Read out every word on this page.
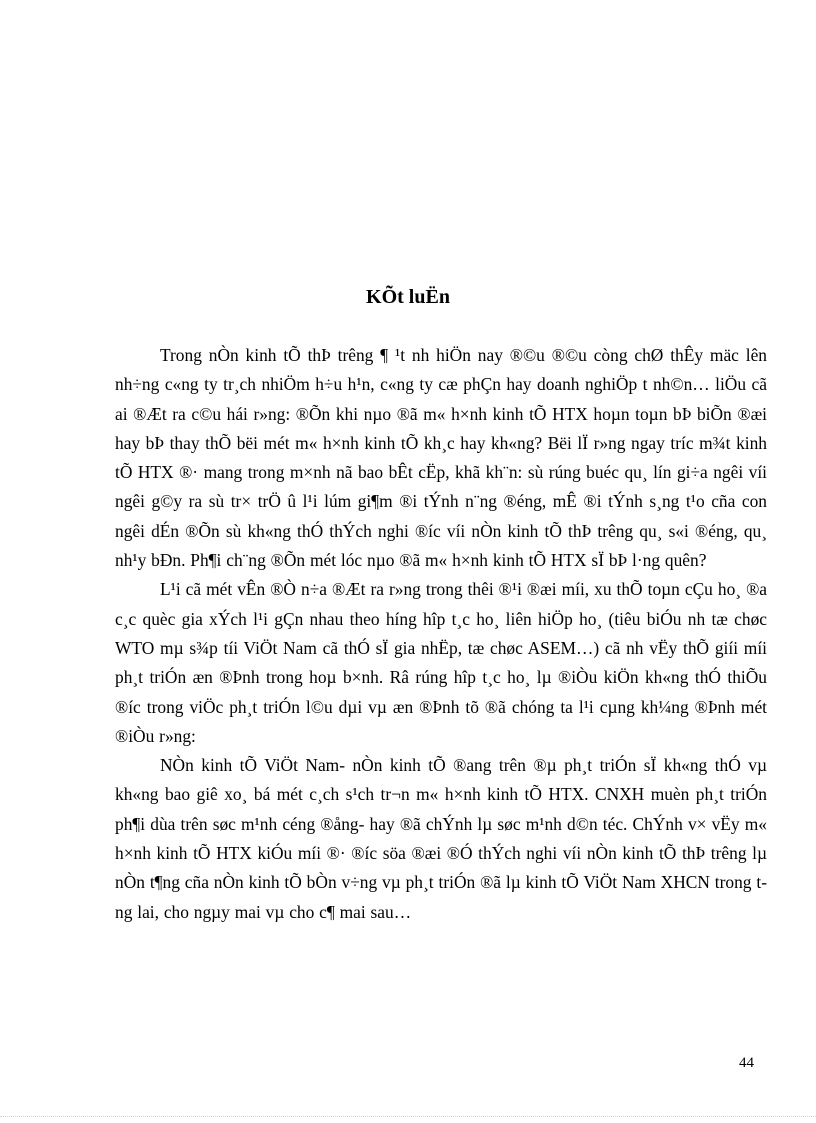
KÕt luËn

Trong nÒn kinh tÕ thÞ trêng ¶ ¹t nh hiÖn nay ®©u ®©u còng chØ thÊy mäc lên nh÷ng c«ng ty tr¸ch nhiÖm h÷u h¹n, c«ng ty cæ phÇn hay doanh nghiÖp t nh©n… liÖu cã ai ®Æt ra c©u hái r»ng: ®Õn khi nµo ®ã m« h×nh kinh tÕ HTX hoµn toµn bÞ biÕn ®æi hay bÞ thay thÕ bëi mét m« h×nh kinh tÕ kh¸c hay kh«ng? Bëi lÏ r»ng ngay tríc m¾t kinh tÕ HTX ®· mang trong m×nh nã bao bÊt cËp, khã kh¨n: sù rúng buéc qu¸ lín gi÷a ngêi víi ngêi g©y ra sù tr× trÖ û l¹i lúm gi¶m ®i tÝnh n¨ng ®éng, mÊ ®i tÝnh s¸ng t¹o cña con ngêi dÉn ®Õn sù kh«ng thÓ thÝch nghi ®íc víi nÒn kinh tÕ thÞ trêng qu¸ s«i ®éng, qu¸ nh¹y bÐn. Ph¶i ch¨ng ®Õn mét lóc nµo ®ã m« h×nh kinh tÕ HTX sÏ bÞ l·ng quên?

L¹i cã mét vÊn ®Ò n÷a ®Æt ra r»ng trong thêi ®¹i ®æi míi, xu thÕ toµn cÇu ho¸ ®a c¸c quèc gia xÝch l¹i gÇn nhau theo híng hîp t¸c ho¸ liên hiÖp ho¸ (tiêu biÓu nh tæ chøc WTO mµ s¾p tíi ViÖt Nam cã thÓ sÏ gia nhËp, tæ chøc ASEM…) cã nh vËy thÕ giíi míi ph¸t triÓn æn ®Þnh trong hoµ b×nh. Râ rúng hîp t¸c ho¸ lµ ®iÒu kiÖn kh«ng thÓ thiÕu ®íc trong viÖc ph¸t triÓn l©u dµi vµ æn ®Þnh tõ ®ã chóng ta l¹i cµng kh¼ng ®Þnh mét ®iÒu r»ng:

NÒn kinh tÕ ViÖt Nam- nÒn kinh tÕ ®ang trên ®µ ph¸t triÓn sÏ kh«ng thÓ vµ kh«ng bao giê xo¸ bá mét c¸ch s¹ch tr¬n m« h×nh kinh tÕ HTX. CNXH muèn ph¸t triÓn ph¶i dùa trên søc m¹nh céng ®ång- hay ®ã chÝnh lµ søc m¹nh d©n téc. ChÝnh v× vËy m« h×nh kinh tÕ HTX kiÓu míi ®· ®íc söa ®æi ®Ó thÝch nghi víi nÒn kinh tÕ thÞ trêng lµ nÒn t¶ng cña nÒn kinh tÕ bÒn v÷ng vµ ph¸t triÓn ®ã lµ kinh tÕ ViÖt Nam XHCN trong tng lai, cho ngµy mai vµ cho c¶ mai sau…

44
